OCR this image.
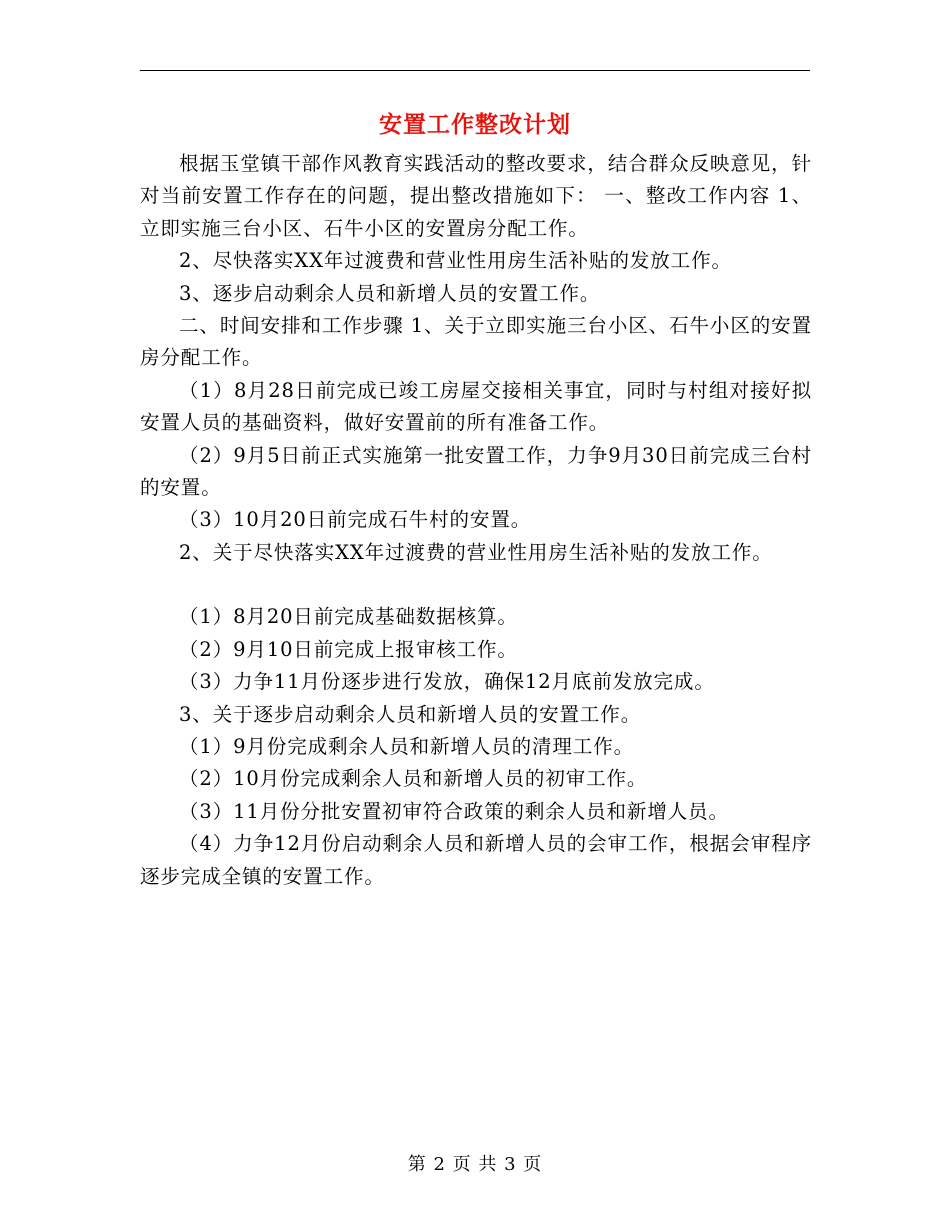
安置工作整改计划

根据玉堂镇干部作风教育实践活动的整改要求，结合群众反映意见，针对当前安置工作存在的问题，提出整改措施如下： 一、整改工作内容 1、立即实施三台小区、石牛小区的安置房分配工作。

2、尽快落实XX年过渡费和营业性用房生活补贴的发放工作。

3、逐步启动剩余人员和新增人员的安置工作。

二、时间安排和工作步骤 1、关于立即实施三台小区、石牛小区的安置房分配工作。

（1）8月28日前完成已竣工房屋交接相关事宜，同时与村组对接好拟安置人员的基础资料，做好安置前的所有准备工作。

（2）9月5日前正式实施第一批安置工作，力争9月30日前完成三台村的安置。

（3）10月20日前完成石牛村的安置。

2、关于尽快落实XX年过渡费的营业性用房生活补贴的发放工作。

（1）8月20日前完成基础数据核算。

（2）9月10日前完成上报审核工作。

（3）力争11月份逐步进行发放，确保12月底前发放完成。

3、关于逐步启动剩余人员和新增人员的安置工作。

（1）9月份完成剩余人员和新增人员的清理工作。

（2）10月份完成剩余人员和新增人员的初审工作。

（3）11月份分批安置初审符合政策的剩余人员和新增人员。

（4）力争12月份启动剩余人员和新增人员的会审工作，根据会审程序逐步完成全镇的安置工作。

第 2 页 共 3 页
